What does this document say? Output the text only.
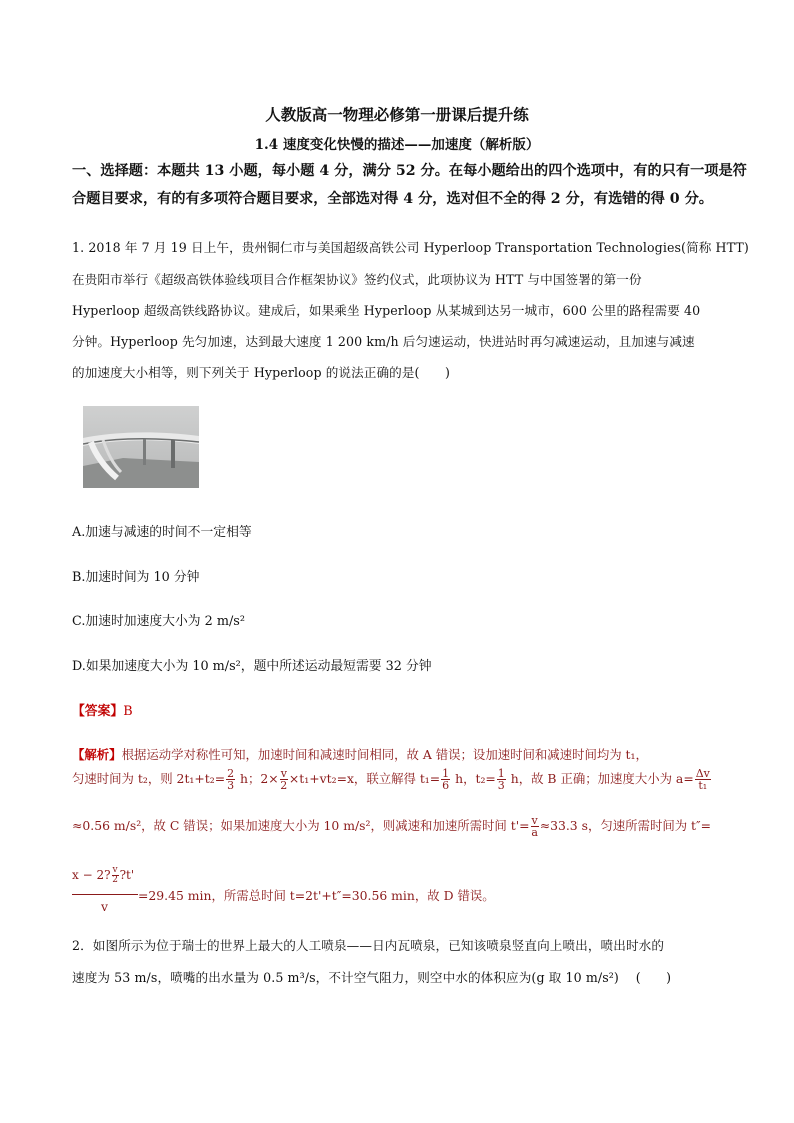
人教版高一物理必修第一册课后提升练
1.4 速度变化快慢的描述——加速度（解析版）
一、选择题：本题共 13 小题，每小题 4 分，满分 52 分。在每小题给出的四个选项中，有的只有一项是符
合题目要求，有的有多项符合题目要求，全部选对得 4 分，选对但不全的得 2 分，有选错的得 0 分。
1. 2018 年 7 月 19 日上午，贵州铜仁市与美国超级高铁公司 Hyperloop Transportation Technologies(简称 HTT)
在贵阳市举行《超级高铁体验线项目合作框架协议》签约仪式，此项协议为 HTT 与中国签署的第一份
Hyperloop 超级高铁线路协议。建成后，如果乘坐 Hyperloop 从某城到达另一城市，600 公里的路程需要 40
分钟。Hyperloop 先匀加速，达到最大速度 1 200 km/h 后匀速运动，快进站时再匀减速运动，且加速与减速
的加速度大小相等，则下列关于 Hyperloop 的说法正确的是(　　)
A.加速与减速的时间不一定相等
B.加速时间为 10 分钟
C.加速时加速度大小为 2 m/s²
D.如果加速度大小为 10 m/s²，题中所述运动最短需要 32 分钟
【答案】B
【解析】根据运动学对称性可知，加速时间和减速时间相同，故 A 错误；设加速时间和减速时间均为 t₁，
匀速时间为 t₂，则 $2t_1+t_2= \frac{2}{3}$ h；$2\times \frac{v}{2} \times t_1+vt_2=x$，联立解得 $t_1= \frac{1}{6}$ h，$t_2= \frac{1}{3}$ h，故 B 正确；加速度大小为 $a= \frac{\Delta v}{\text{t₁}}$
≈0.56 m/s²，故 C 错误；如果加速度大小为 10 m/s²，则减速和加速所需时间 $t'= \frac{v}{a} \approx 33.3$ s，匀速所需时间为 t″=
x − 2? $\frac{v}{2}$ ?t'
=29.45 min，所需总时间 t=2t'+t″=30.56 min，故 D 错误。
v
2．如图所示为位于瑞士的世界上最大的人工喷泉——日内瓦喷泉，已知该喷泉竖直向上喷出，喷出时水的
速度为 53 m/s，喷嘴的出水量为 0.5 m³/s，不计空气阻力，则空中水的体积应为(g 取 10 m/s²)　 (　　)
